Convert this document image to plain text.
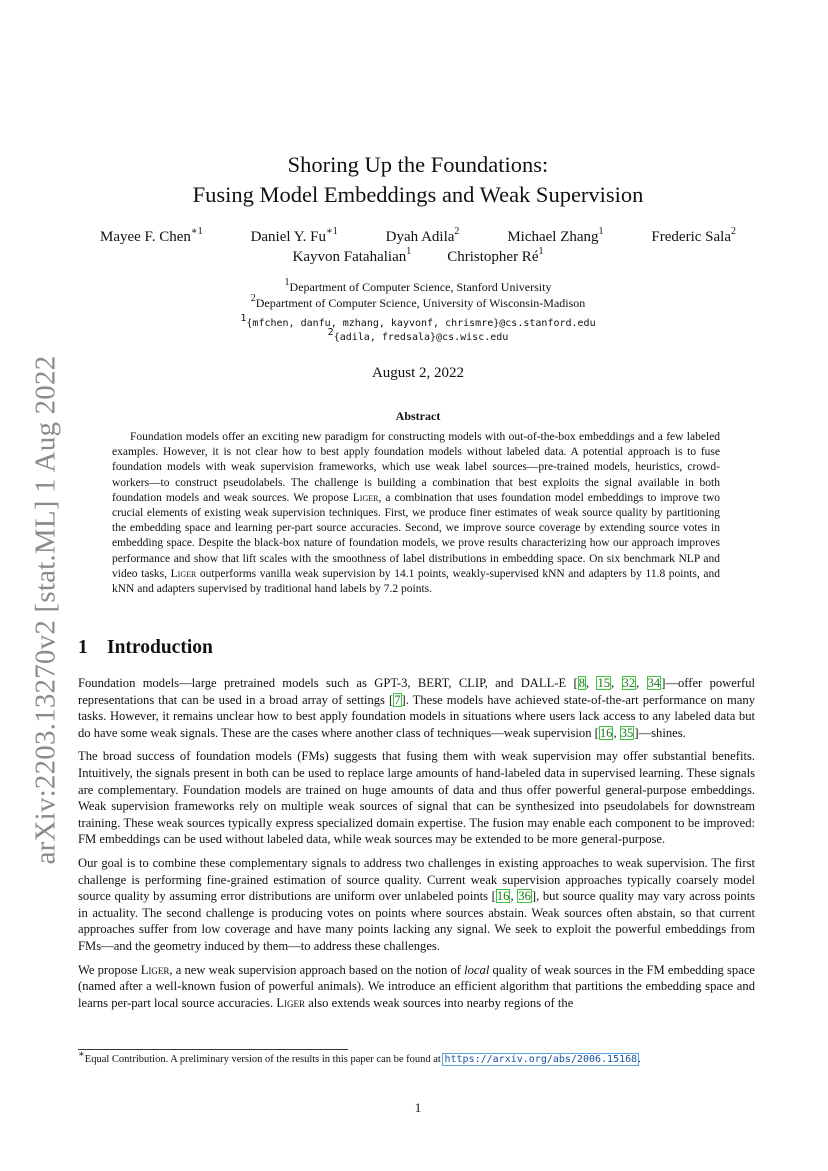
arXiv:2203.13270v2 [stat.ML] 1 Aug 2022
Shoring Up the Foundations:
Fusing Model Embeddings and Weak Supervision
Mayee F. Chen$^{∗1}$	Daniel Y. $Fu^{∗1}$	Dyah Adila$^2$	Michael Zhang$^1$	Frederic Sala$^2$
Kayvon Fatahalian$^1$ Christopher $Ré^1$
$^1$Department of Computer Science, Stanford University
$^2$Department of Computer Science, University of Wisconsin-Madison
$^1${mfchen, danfu, mzhang, kayvonf, chrismre}@cs.stanford.edu
$^2${adila, fredsala}@cs.wisc.edu
August 2, 2022
Abstract
Foundation models offer an exciting new paradigm for constructing models with out-of-the-box embeddings and a few labeled examples. However, it is not clear how to best apply foundation models without labeled data. A potential approach is to fuse foundation models with weak supervision frameworks, which use weak label sources—pre-trained models, heuristics, crowd-workers—to construct pseudolabels. The challenge is building a combination that best exploits the signal available in both foundation models and weak sources. We propose Liger, a combination that uses foundation model embeddings to improve two crucial elements of existing weak supervision techniques. First, we produce finer estimates of weak source quality by partitioning the embedding space and learning per-part source accuracies. Second, we improve source coverage by extending source votes in embedding space. Despite the black-box nature of foundation models, we prove results characterizing how our approach improves performance and show that lift scales with the smoothness of label distributions in embedding space. On six benchmark NLP and video tasks, Liger outperforms vanilla weak supervision by 14.1 points, weakly-supervised kNN and adapters by 11.8 points, and kNN and adapters supervised by traditional hand labels by 7.2 points.
1 Introduction

Foundation models—large pretrained models such as GPT-3, BERT, CLIP, and DALL-E [8, 15, 32, 34]—offer powerful representations that can be used in a broad array of settings [7]. These models have achieved state-of-the-art performance on many tasks. However, it remains unclear how to best apply foundation models in situations where users lack access to any labeled data but do have some weak signals. These are the cases where another class of techniques—weak supervision [16, 35]—shines.

The broad success of foundation models (FMs) suggests that fusing them with weak supervision may offer substantial benefits. Intuitively, the signals present in both can be used to replace large amounts of hand-labeled data in supervised learning. These signals are complementary. Foundation models are trained on huge amounts of data and thus offer powerful general-purpose embeddings. Weak supervision frameworks rely on multiple weak sources of signal that can be synthesized into pseudolabels for downstream training. These weak sources typically express specialized domain expertise. The fusion may enable each component to be improved: FM embeddings can be used without labeled data, while weak sources may be extended to be more general-purpose.

Our goal is to combine these complementary signals to address two challenges in existing approaches to weak supervision. The first challenge is performing fine-grained estimation of source quality. Current weak supervision approaches typically coarsely model source quality by assuming error distributions are uniform over unlabeled points [16, 36], but source quality may vary across points in actuality. The second challenge is producing votes on points where sources abstain. Weak sources often abstain, so that current approaches suffer from low coverage and have many points lacking any signal. We seek to exploit the powerful embeddings from FMs—and the geometry induced by them—to address these challenges.

We propose Liger, a new weak supervision approach based on the notion of local quality of weak sources in the FM embedding space (named after a well-known fusion of powerful animals). We introduce an efficient algorithm that partitions the embedding space and learns per-part local source accuracies. Liger also extends weak sources into nearby regions of the

∗Equal Contribution. A preliminary version of the results in this paper can be found at https://arxiv.org/abs/2006.15168.
1
